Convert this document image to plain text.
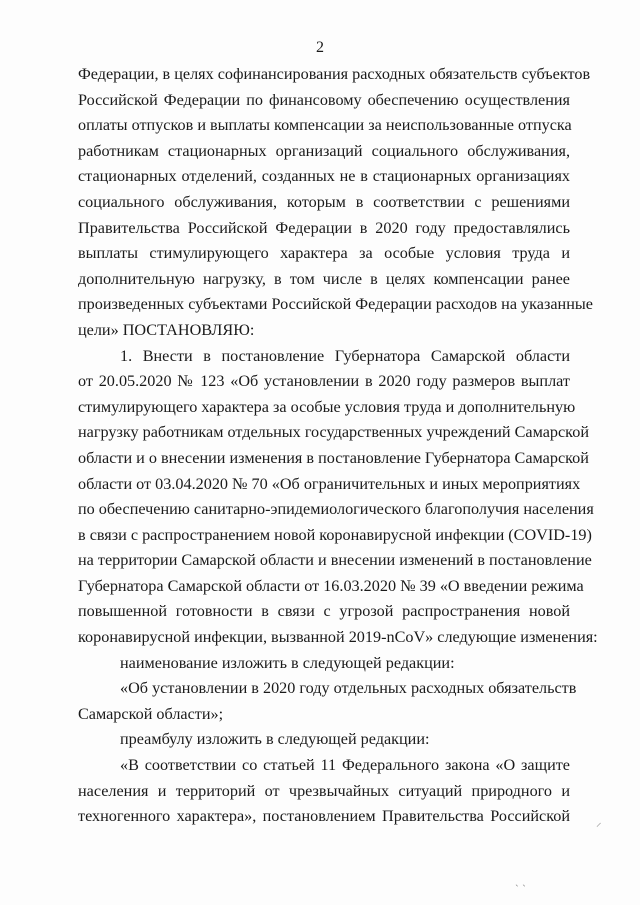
2
Федерации, в целях софинансирования расходных обязательств субъектов
Российской Федерации по финансовому обеспечению осуществления
оплаты отпусков и выплаты компенсации за неиспользованные отпуска
работникам стационарных организаций социального обслуживания,
стационарных отделений, созданных не в стационарных организациях
социального обслуживания, которым в соответствии с решениями
Правительства Российской Федерации в 2020 году предоставлялись
выплаты стимулирующего характера за особые условия труда и
дополнительную нагрузку, в том числе в целях компенсации ранее
произведенных субъектами Российской Федерации расходов на указанные
цели» ПОСТАНОВЛЯЮ:
1. Внести в постановление Губернатора Самарской области
от 20.05.2020 № 123 «Об установлении в 2020 году размеров выплат
стимулирующего характера за особые условия труда и дополнительную
нагрузку работникам отдельных государственных учреждений Самарской
области и о внесении изменения в постановление Губернатора Самарской
области от 03.04.2020 № 70 «Об ограничительных и иных мероприятиях
по обеспечению санитарно-эпидемиологического благополучия населения
в связи с распространением новой коронавирусной инфекции (COVID-19)
на территории Самарской области и внесении изменений в постановление
Губернатора Самарской области от 16.03.2020 № 39 «О введении режима
повышенной готовности в связи с угрозой распространения новой
коронавирусной инфекции, вызванной 2019-nCoV» следующие изменения:
наименование изложить в следующей редакции:
«Об установлении в 2020 году отдельных расходных обязательств
Самарской области»;
преамбулу изложить в следующей редакции:
«В соответствии со статьей 11 Федерального закона «О защите
населения и территорий от чрезвычайных ситуаций природного и
техногенного характера», постановлением Правительства Российской ⸝
˴ ˴
